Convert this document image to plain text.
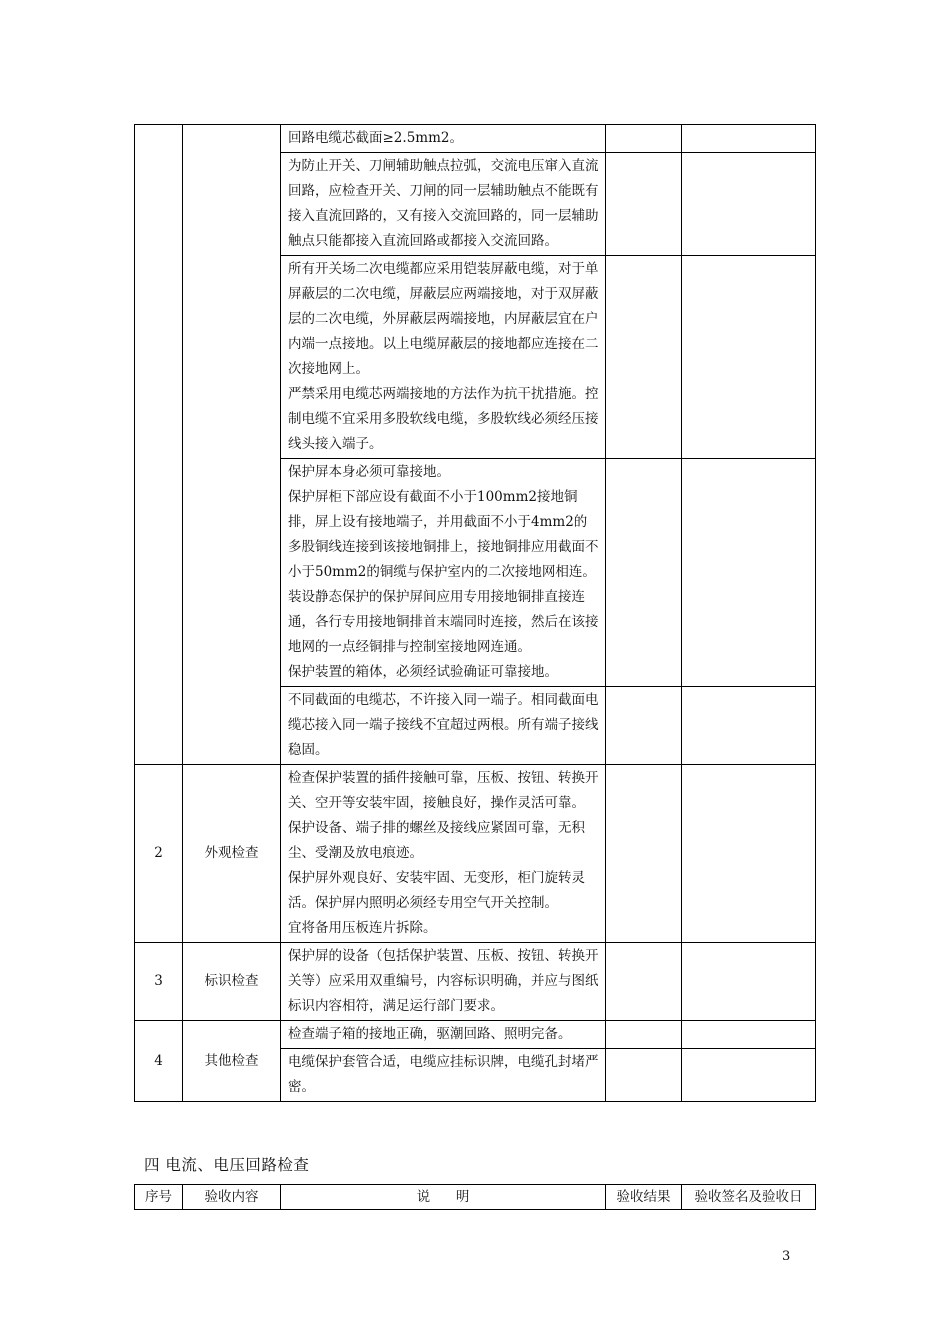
		回路电缆芯截面≥2.5mm2。		

		为防止开关、刀闸辅助触点拉弧，交流电压窜入直流回路，应检查开关、刀闸的同一层辅助触点不能既有接入直流回路的，又有接入交流回路的，同一层辅助触点只能都接入直流回路或都接入交流回路。		

		所有开关场二次电缆都应采用铠装屏蔽电缆，对于单屏蔽层的二次电缆，屏蔽层应两端接地，对于双屏蔽层的二次电缆，外屏蔽层两端接地，内屏蔽层宜在户内端一点接地。以上电缆屏蔽层的接地都应连接在二次接地网上。
严禁采用电缆芯两端接地的方法作为抗干扰措施。控制电缆不宜采用多股软线电缆，多股软线必须经压接线头接入端子。		

		保护屏本身必须可靠接地。
保护屏柜下部应设有截面不小于100mm2接地铜排，屏上设有接地端子，并用截面不小于4mm2的多股铜线连接到该接地铜排上，接地铜排应用截面不小于50mm2的铜缆与保护室内的二次接地网相连。装设静态保护的保护屏间应用专用接地铜排直接连通，各行专用接地铜排首末端同时连接，然后在该接地网的一点经铜排与控制室接地网连通。
保护装置的箱体，必须经试验确证可靠接地。		

		不同截面的电缆芯，不许接入同一端子。相同截面电缆芯接入同一端子接线不宜超过两根。所有端子接线稳固。		

2	外观检查	检查保护装置的插件接触可靠，压板、按钮、转换开关、空开等安装牢固，接触良好，操作灵活可靠。
保护设备、端子排的螺丝及接线应紧固可靠，无积尘、受潮及放电痕迹。
保护屏外观良好、安装牢固、无变形，柜门旋转灵活。保护屏内照明必须经专用空气开关控制。
宜将备用压板连片拆除。		

3	标识检查	保护屏的设备（包括保护装置、压板、按钮、转换开关等）应采用双重编号，内容标识明确，并应与图纸标识内容相符，满足运行部门要求。		

4	其他检查	检查端子箱的接地正确，驱潮回路、照明完备。		

		电缆保护套管合适，电缆应挂标识牌，电缆孔封堵严密。		

四 电流、电压回路检查
序号	验收内容	说      明	验收结果	验收签名及验收日
3
